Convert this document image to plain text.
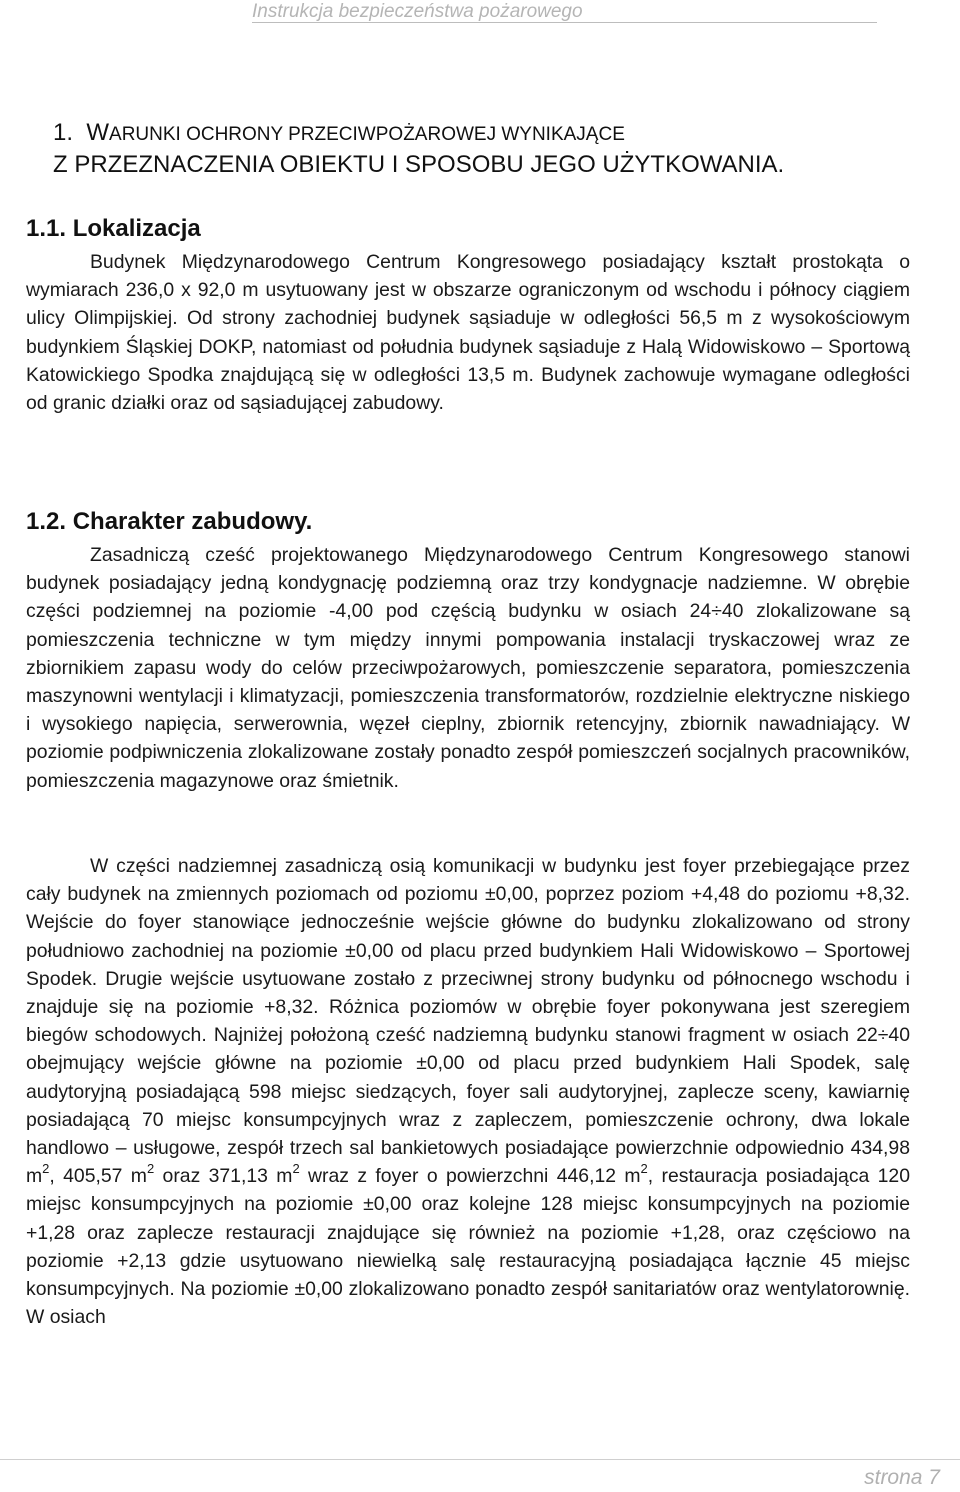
Instrukcja bezpieczeństwa pożarowego
1. WARUNKI OCHRONY PRZECIWPOŻAROWEJ WYNIKAJĄCE
Z PRZEZNACZENIA OBIEKTU I SPOSOBU JEGO UŻYTKOWANIA.
1.1. Lokalizacja
Budynek Międzynarodowego Centrum Kongresowego posiadający kształt prostokąta o wymiarach 236,0 x 92,0 m usytuowany jest w obszarze ograniczonym od wschodu i północy ciągiem ulicy Olimpijskiej. Od strony zachodniej budynek sąsiaduje w odległości 56,5 m z wysokościowym budynkiem Śląskiej DOKP, natomiast od południa budynek sąsiaduje z Halą Widowiskowo – Sportową Katowickiego Spodka znajdującą się w odległości 13,5 m. Budynek zachowuje wymagane odległości od granic działki oraz od sąsiadującej zabudowy.
1.2. Charakter zabudowy.
Zasadniczą cześć projektowanego Międzynarodowego Centrum Kongresowego stanowi budynek posiadający jedną kondygnację podziemną oraz trzy kondygnacje nadziemne. W obrębie części podziemnej na poziomie -4,00 pod częścią budynku w osiach 24÷40 zlokalizowane są pomieszczenia techniczne w tym między innymi pompowania instalacji tryskaczowej wraz ze zbiornikiem zapasu wody do celów przeciwpożarowych, pomieszczenie separatora, pomieszczenia maszynowni wentylacji i klimatyzacji, pomieszczenia transformatorów, rozdzielnie elektryczne niskiego i wysokiego napięcia, serwerownia, węzeł cieplny, zbiornik retencyjny, zbiornik nawadniający. W poziomie podpiwniczenia zlokalizowane zostały ponadto zespół pomieszczeń socjalnych pracowników, pomieszczenia magazynowe oraz śmietnik.
W części nadziemnej zasadniczą osią komunikacji w budynku jest foyer przebiegające przez cały budynek na zmiennych poziomach od poziomu ±0,00, poprzez poziom +4,48 do poziomu +8,32. Wejście do foyer stanowiące jednocześnie wejście główne do budynku zlokalizowano od strony południowo zachodniej na poziomie ±0,00 od placu przed budynkiem Hali Widowiskowo – Sportowej Spodek. Drugie wejście usytuowane zostało z przeciwnej strony budynku od północnego wschodu i znajduje się na poziomie +8,32. Różnica poziomów w obrębie foyer pokonywana jest szeregiem biegów schodowych. Najniżej położoną cześć nadziemną budynku stanowi fragment w osiach 22÷40 obejmujący wejście główne na poziomie ±0,00 od placu przed budynkiem Hali Spodek, salę audytoryjną posiadającą 598 miejsc siedzących, foyer sali audytoryjnej, zaplecze sceny, kawiarnię posiadającą 70 miejsc konsumpcyjnych wraz z zapleczem, pomieszczenie ochrony, dwa lokale handlowo – usługowe, zespół trzech sal bankietowych posiadające powierzchnie odpowiednio 434,98 $m^2$, 405,57 $m^2$ oraz 371,13 $m^2$ wraz z foyer o powierzchni 446,12 $m^2$, restauracja posiadająca 120 miejsc konsumpcyjnych na poziomie ±0,00 oraz kolejne 128 miejsc konsumpcyjnych na poziomie +1,28 oraz zaplecze restauracji znajdujące się również na poziomie +1,28, oraz częściowo na poziomie +2,13 gdzie usytuowano niewielką salę restauracyjną posiadająca łącznie 45 miejsc konsumpcyjnych. Na poziomie ±0,00 zlokalizowano ponadto zespół sanitariatów oraz wentylatorownię. W osiach
strona 7
